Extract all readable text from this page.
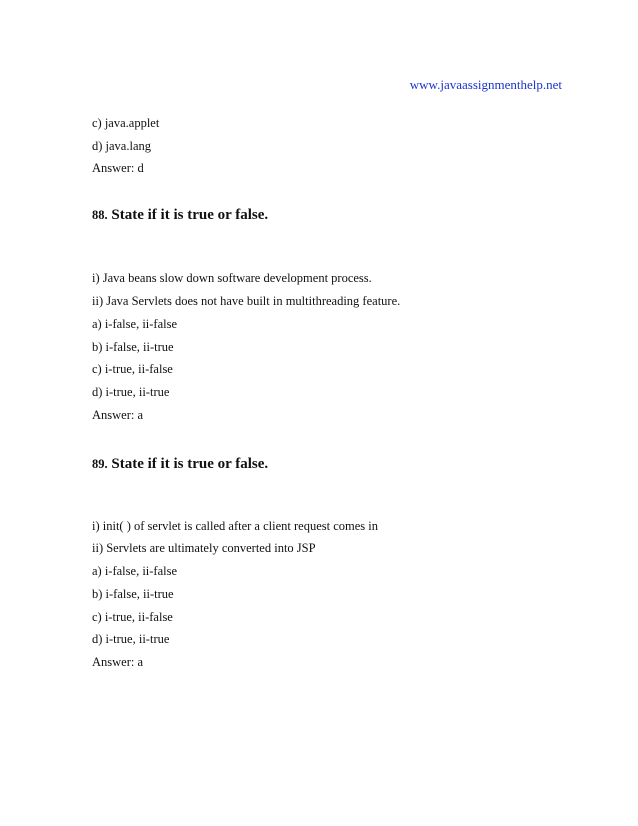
www.javaassignmenthelp.net
c) java.applet
d) java.lang
Answer: d
88. State if it is true or false.
i) Java beans slow down software development process.
ii) Java Servlets does not have built in multithreading feature.
a) i-false, ii-false
b) i-false, ii-true
c) i-true, ii-false
d) i-true, ii-true
Answer: a
89. State if it is true or false.
i) init( ) of servlet is called after a client request comes in
ii) Servlets are ultimately converted into JSP
a) i-false, ii-false
b) i-false, ii-true
c) i-true, ii-false
d) i-true, ii-true
Answer: a
